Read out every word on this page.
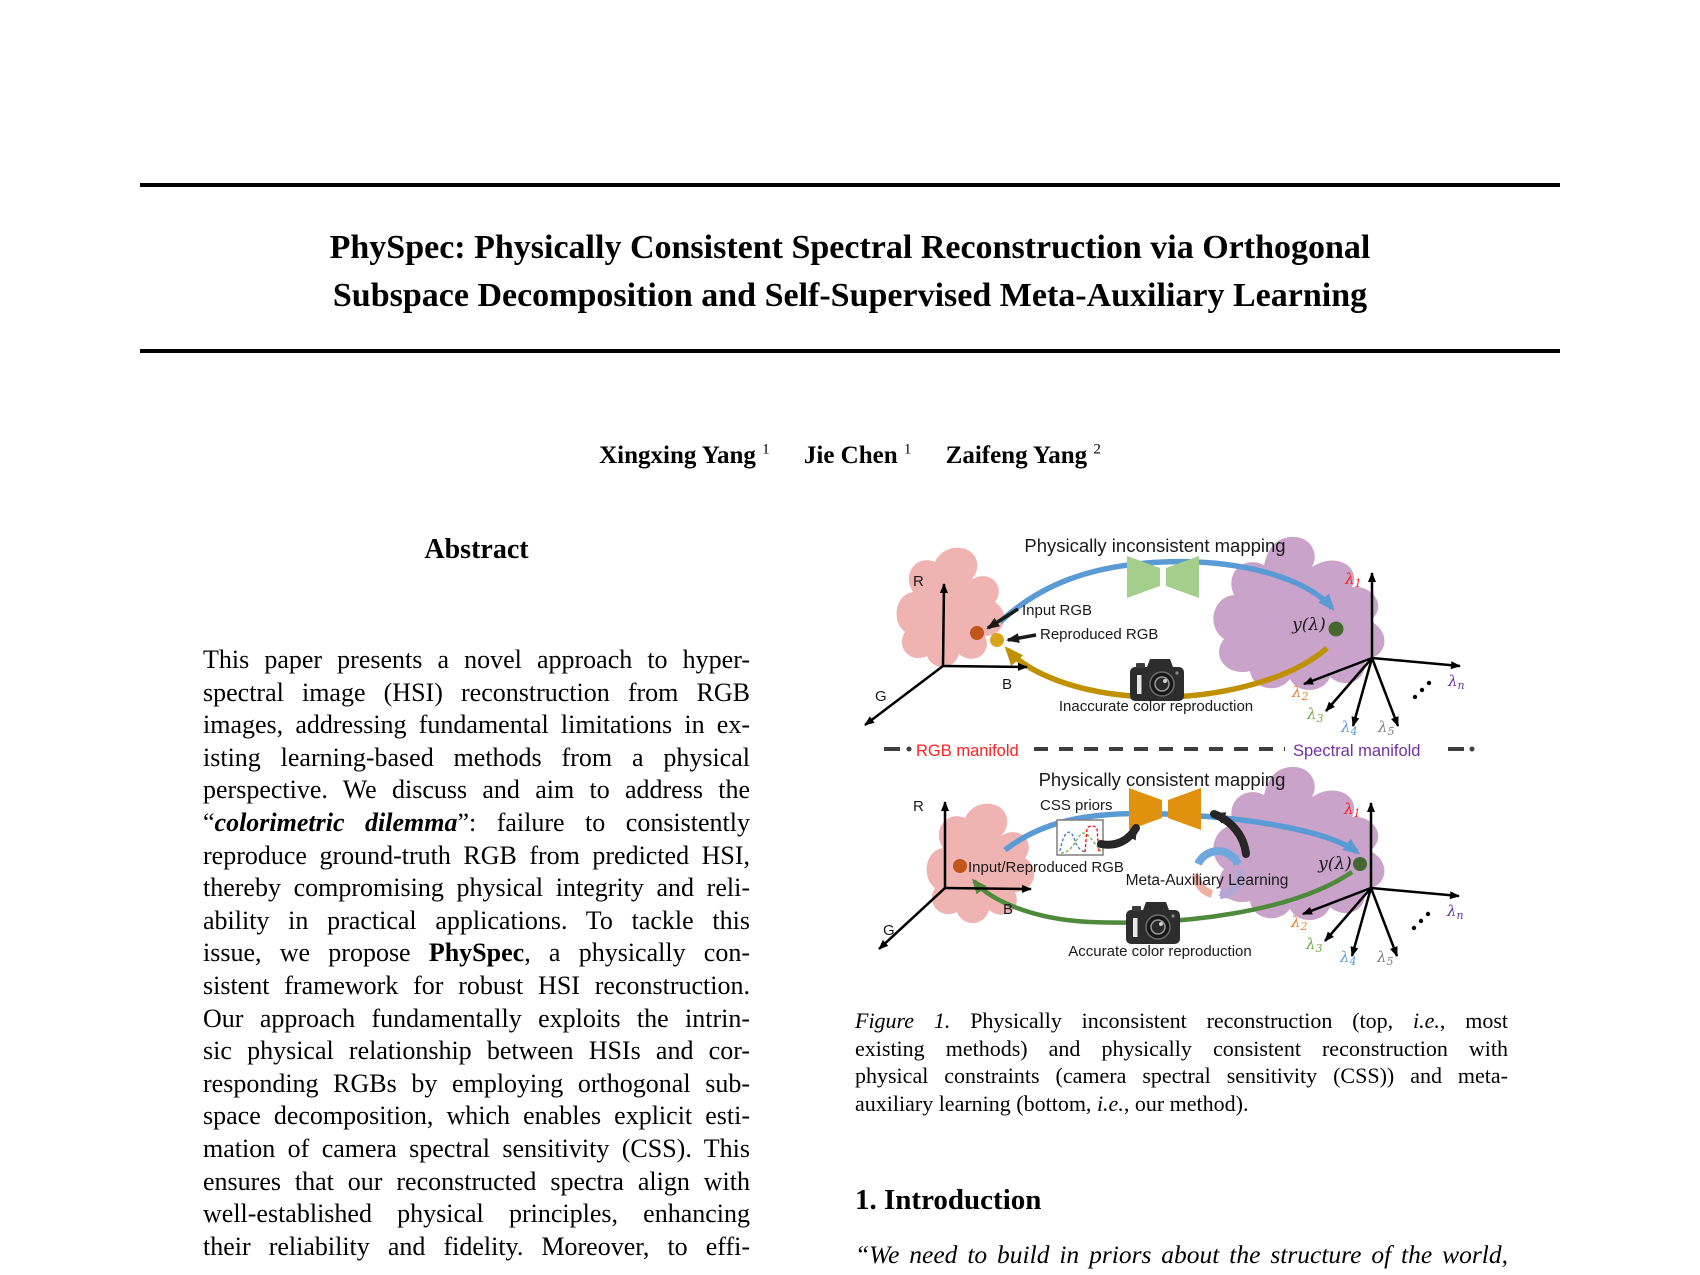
PhySpec: Physically Consistent Spectral Reconstruction via Orthogonal
Subspace Decomposition and Self-Supervised Meta-Auxiliary Learning
Xingxing Yang $^1$ Jie Chen $^1$ Zaifeng Yang $^2$
Abstract
This paper presents a novel approach to hyper-
spectral image (HSI) reconstruction from RGB
images, addressing fundamental limitations in ex-
isting learning-based methods from a physical
perspective. We discuss and aim to address the
“colorimetric dilemma”: failure to consistently
reproduce ground-truth RGB from predicted HSI,
thereby compromising physical integrity and reli-
ability in practical applications. To tackle this
issue, we propose PhySpec, a physically con-
sistent framework for robust HSI reconstruction.
Our approach fundamentally exploits the intrin-
sic physical relationship between HSIs and cor-
responding RGBs by employing orthogonal sub-
space decomposition, which enables explicit esti-
mation of camera spectral sensitivity (CSS). This
ensures that our reconstructed spectra align with
well-established physical principles, enhancing
their reliability and fidelity. Moreover, to effi-
Physically inconsistent mapping
R
B
G
Input RGB
Reproduced RGB
Inaccurate color reproduction
y(λ)
$\lambda_1$
$\lambda_2$
$\lambda_3$ $\lambda_4$ $\lambda_5$
$\lambda_n$
RGB manifold	Spectral manifold
Physically consistent mapping
CSS priors
Meta-Auxiliary Learning
R
B
G
Input/Reproduced RGB
Accurate color reproduction
y(λ)
$\lambda_1$
$\lambda_2$
$\lambda_3$ $\lambda_4$ $\lambda_5$
$\lambda_n$
Figure 1. Physically inconsistent reconstruction (top, i.e., most
existing methods) and physically consistent reconstruction with
physical constraints (camera spectral sensitivity (CSS)) and meta-
auxiliary learning (bottom, i.e., our method).
1. Introduction
“We need to build in priors about the structure of the world,
